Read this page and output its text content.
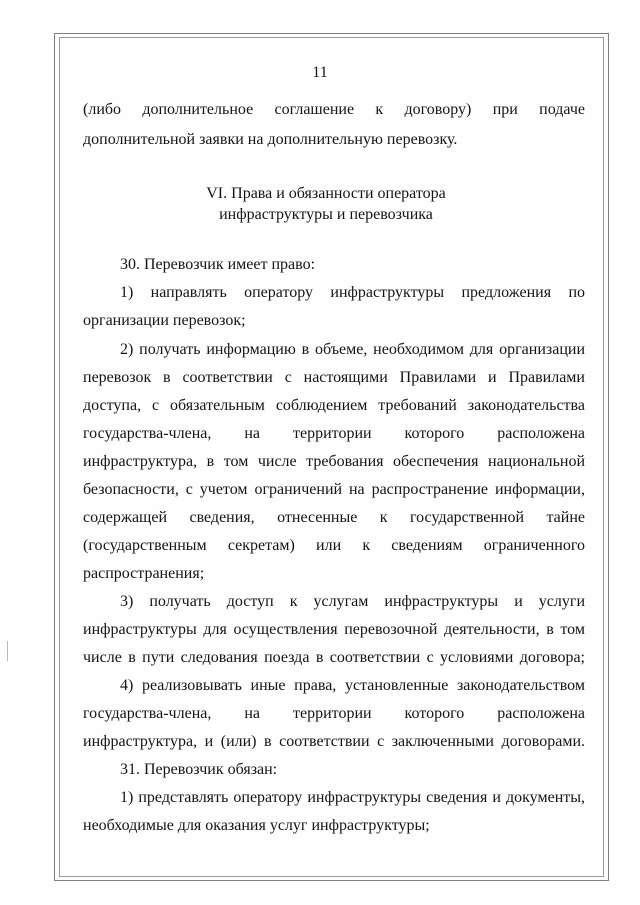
11
VI. Права и обязанности оператора
инфраструктуры и перевозчика
(либо дополнительное соглашение к договору) при подаче
дополнительной заявки на дополнительную перевозку.
30. Перевозчик имеет право:
1) направлять оператору инфраструктуры предложения по
организации перевозок;
2) получать информацию в объеме, необходимом для организации
перевозок в соответствии с настоящими Правилами и Правилами
доступа, с обязательным соблюдением требований законодательства
государства-члена, на территории которого расположена
инфраструктура, в том числе требования обеспечения национальной
безопасности, с учетом ограничений на распространение информации,
содержащей сведения, отнесенные к государственной тайне
(государственным секретам) или к сведениям ограниченного
распространения;
3) получать доступ к услугам инфраструктуры и услуги
инфраструктуры для осуществления перевозочной деятельности, в том
числе в пути следования поезда в соответствии с условиями договора;
4) реализовывать иные права, установленные законодательством
государства-члена, на территории которого расположена
инфраструктура, и (или) в соответствии с заключенными договорами.
31. Перевозчик обязан:
1) представлять оператору инфраструктуры сведения и документы,
необходимые для оказания услуг инфраструктуры;
